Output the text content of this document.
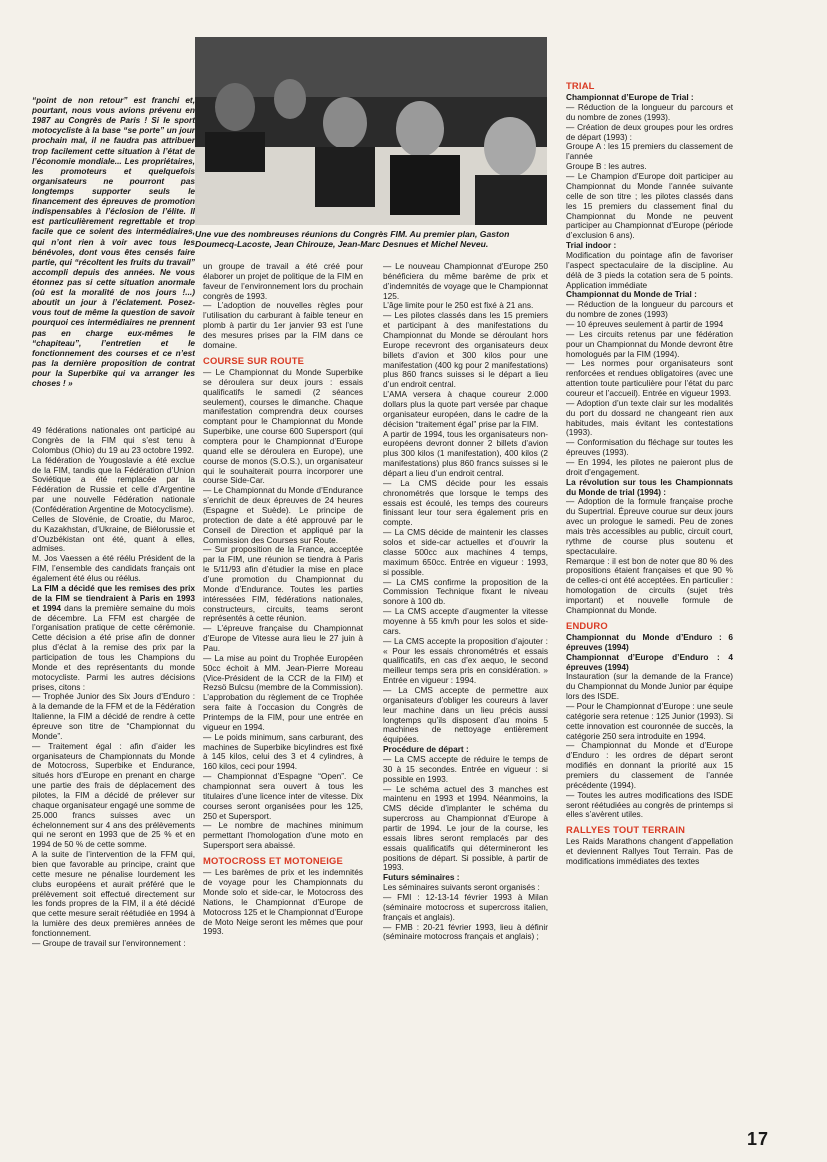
Une vue des nombreuses réunions du Congrès FIM. Au premier plan, Gaston Doumecq-Lacoste, Jean Chirouze, Jean-Marc Desnues et Michel Neveu.

“point de non retour” est franchi et, pourtant, nous vous avions prévenu en 1987 au Congrès de Paris ! Si le sport motocycliste à la base “se porte” un jour prochain mal, il ne faudra pas attribuer trop facilement cette situation à l’état de l’économie mondiale... Les propriétaires, les promoteurs et quelquefois organisateurs ne pourront pas longtemps supporter seuls le financement des épreuves de promotion indispensables à l’éclosion de l’élite. Il est particulièrement regrettable et trop facile que ce soient des intermédiaires, qui n’ont rien à voir avec tous les bénévoles, dont vous êtes censés faire partie, qui “récoltent les fruits du travail” accompli depuis des années. Ne vous étonnez pas si cette situation anormale (où est la moralité de nos jours !...) aboutit un jour à l’éclatement. Posez-vous tout de même la question de savoir pourquoi ces intermédiaires ne prennent pas en charge eux-mêmes le “chapiteau”, l’entretien et le fonctionnement des courses et ce n’est pas la dernière proposition de contrat pour la Superbike qui va arranger les choses ! »

49 fédérations nationales ont participé au Congrès de la FIM qui s’est tenu à Colombus (Ohio) du 19 au 23 octobre 1992.

La fédération de Yougoslavie a été exclue de la FIM, tandis que la Fédération d’Union Soviétique a été remplacée par la Fédération de Russie et celle d’Argentine par une nouvelle Fédération nationale (Confédération Argentine de Motocyclisme).

Celles de Slovénie, de Croatie, du Maroc, du Kazakhstan, d’Ukraine, de Biélorussie et d’Ouzbékistan ont été, quant à elles, admises.

M. Jos Vaessen a été réélu Président de la FIM, l’ensemble des candidats français ont également été élus ou réélus.

La FIM a décidé que les remises des prix de la FIM se tiendraient à Paris en 1993 et 1994 dans la première semaine du mois de décembre. La FFM est chargée de l’organisation pratique de cette cérémonie. Cette décision a été prise afin de donner plus d’éclat à la remise des prix par la participation de tous les Champions du Monde et des représentants du monde motocycliste. Parmi les autres décisions prises, citons :

— Trophée Junior des Six Jours d’Enduro : à la demande de la FFM et de la Fédération Italienne, la FIM a décidé de rendre à cette épreuve son titre de “Championnat du Monde”.

— Traitement égal : afin d’aider les organisateurs de Championnats du Monde de Motocross, Superbike et Endurance, situés hors d’Europe en prenant en charge une partie des frais de déplacement des pilotes, la FIM a décidé de prélever sur chaque organisateur engagé une somme de 25.000 francs suisses avec un échelonnement sur 4 ans des prélèvements qui ne seront en 1993 que de 25 % et en 1994 de 50 % de cette somme.

A la suite de l’intervention de la FFM qui, bien que favorable au principe, craint que cette mesure ne pénalise lourdement les clubs européens et aurait préféré que le prélèvement soit effectué directement sur les fonds propres de la FIM, il a été décidé que cette mesure serait réétudiée en 1994 à la lumière des deux premières années de fonctionnement.

— Groupe de travail sur l’environnement :

un groupe de travail a été créé pour élaborer un projet de politique de la FIM en faveur de l’environnement lors du prochain congrès de 1993.

— L’adoption de nouvelles règles pour l’utilisation du carburant à faible teneur en plomb à partir du 1er janvier 93 est l’une des mesures prises par la FIM dans ce domaine.

COURSE SUR ROUTE

— Le Championnat du Monde Superbike se déroulera sur deux jours : essais qualificatifs le samedi (2 séances seulement), courses le dimanche. Chaque manifestation comprendra deux courses comptant pour le Championnat du Monde Superbike, une course 600 Supersport (qui comptera pour le Championnat d’Europe quand elle se déroulera en Europe), une course de monos (S.O.S.), un organisateur qui le souhaiterait pourra incorporer une course Side-Car.

— Le Championnat du Monde d’Endurance s’enrichit de deux épreuves de 24 heures (Espagne et Suède). Le principe de protection de date a été approuvé par le Conseil de Direction et appliqué par la Commission des Courses sur Route.

— Sur proposition de la France, acceptée par la FIM, une réunion se tiendra à Paris le 5/11/93 afin d’étudier la mise en place d’une promotion du Championnat du Monde d’Endurance. Toutes les parties intéressées FIM, fédérations nationales, constructeurs, circuits, teams seront représentés à cette réunion.

— L’épreuve française du Championnat d’Europe de Vitesse aura lieu le 27 juin à Pau.

— La mise au point du Trophée Européen 50cc échoit à MM. Jean-Pierre Moreau (Vice-Président de la CCR de la FIM) et Rezsö Bulcsu (membre de la Commission). L’approbation du règlement de ce Trophée sera faite à l’occasion du Congrès de Printemps de la FIM, pour une entrée en vigueur en 1994.

— Le poids minimum, sans carburant, des machines de Superbike bicylindres est fixé à 145 kilos, celui des 3 et 4 cylindres, à 160 kilos, ceci pour 1994.

— Championnat d’Espagne “Open”. Ce championnat sera ouvert à tous les titulaires d’une licence inter de vitesse. Dix courses seront organisées pour les 125, 250 et Supersport.

— Le nombre de machines minimum permettant l’homologation d’une moto en Supersport sera abaissé.

MOTOCROSS ET MOTONEIGE

— Les barèmes de prix et les indemnités de voyage pour les Championnats du Monde solo et side-car, le Motocross des Nations, le Championnat d’Europe de Motocross 125 et le Championnat d’Europe de Moto Neige seront les mêmes que pour 1993.

— Le nouveau Championnat d’Europe 250 bénéficiera du même barème de prix et d’indemnités de voyage que le Championnat 125.

L’âge limite pour le 250 est fixé à 21 ans.

— Les pilotes classés dans les 15 premiers et participant à des manifestations du Championnat du Monde se déroulant hors Europe recevront des organisateurs deux billets d’avion et 300 kilos pour une manifestation (400 kg pour 2 manifestations) plus 860 francs suisses si le départ a lieu d’un endroit central.

L’AMA versera à chaque coureur 2.000 dollars plus la quote part versée par chaque organisateur européen, dans le cadre de la décision “traitement égal” prise par la FIM.

A partir de 1994, tous les organisateurs non-européens devront donner 2 billets d’avion plus 300 kilos (1 manifestation), 400 kilos (2 manifestations) plus 860 francs suisses si le départ a lieu d’un endroit central.

— La CMS décide pour les essais chronométrés que lorsque le temps des essais est écoulé, les temps des coureurs finissant leur tour sera également pris en compte.

— La CMS décide de maintenir les classes solos et side-car actuelles et d’ouvrir la classe 500cc aux machines 4 temps, maximum 650cc. Entrée en vigueur : 1993, si possible.

— La CMS confirme la proposition de la Commission Technique fixant le niveau sonore à 100 db.

— La CMS accepte d’augmenter la vitesse moyenne à 55 km/h pour les solos et side-cars.

— La CMS accepte la proposition d’ajouter : « Pour les essais chronométrés et essais qualificatifs, en cas d’ex aequo, le second meilleur temps sera pris en considération. » Entrée en vigueur : 1994.

— La CMS accepte de permettre aux organisateurs d’obliger les coureurs à laver leur machine dans un lieu précis aussi longtemps qu’ils disposent d’au moins 5 machines de nettoyage entièrement équipées.

Procédure de départ :

— La CMS accepte de réduire le temps de 30 à 15 secondes. Entrée en vigueur : si possible en 1993.

— Le schéma actuel des 3 manches est maintenu en 1993 et 1994. Néanmoins, la CMS décide d’implanter le schéma du supercross au Championnat d’Europe à partir de 1994. Le jour de la course, les essais libres seront remplacés par des essais qualificatifs qui détermineront les positions de départ. Si possible, à partir de 1993.

Futurs séminaires :

Les séminaires suivants seront organisés :

— FMI : 12-13-14 février 1993 à Milan (séminaire motocross et supercross italien, français et anglais).

— FMB : 20-21 février 1993, lieu à définir (séminaire motocross français et anglais) ;

TRIAL

Championnat d’Europe de Trial :

— Réduction de la longueur du parcours et du nombre de zones (1993).

— Création de deux groupes pour les ordres de départ (1993) :

Groupe A : les 15 premiers du classement de l’année

Groupe B : les autres.

— Le Champion d’Europe doit participer au Championnat du Monde l’année suivante celle de son titre ; les pilotes classés dans les 15 premiers du classement final du Championnat du Monde ne peuvent participer au Championnat d’Europe (période d’exclusion 6 ans).

Trial indoor :

Modification du pointage afin de favoriser l’aspect spectaculaire de la discipline. Au délà de 3 pieds la cotation sera de 5 points. Application immédiate

Championnat du Monde de Trial :

— Réduction de la longueur du parcours et du nombre de zones (1993)

— 10 épreuves seulement à partir de 1994

— Les circuits retenus par une fédération pour un Championnat du Monde devront être homologués par la FIM (1994).

— Les normes pour organisateurs sont renforcées et rendues obligatoires (avec une attention toute particulière pour l’état du parc coureur et l’accueil). Entrée en vigueur 1993.

— Adoption d’un texte clair sur les modalités du port du dossard ne changeant rien aux habitudes, mais évitant les contestations (1993).

— Conformisation du fléchage sur toutes les épreuves (1993).

— En 1994, les pilotes ne paieront plus de droit d’engagement.

La révolution sur tous les Championnats du Monde de trial (1994) :

— Adoption de la formule française proche du Supertrial. Épreuve courue sur deux jours avec un prologue le samedi. Peu de zones mais très accessibles au public, circuit court, rythme de course plus soutenu et spectaculaire.

Remarque : il est bon de noter que 80 % des propositions étaient françaises et que 90 % de celles-ci ont été acceptées. En particulier : homologation de circuits (sujet très important) et nouvelle formule de Championnat du Monde.

ENDURO

Championnat du Monde d’Enduro : 6 épreuves (1994)

Championnat d’Europe d’Enduro : 4 épreuves (1994)

Instauration (sur la demande de la France) du Championnat du Monde Junior par équipe lors des ISDE.

— Pour le Championnat d’Europe : une seule catégorie sera retenue : 125 Junior (1993). Si cette innovation est couronnée de succès, la catégorie 250 sera introduite en 1994.

— Championnat du Monde et d’Europe d’Enduro : les ordres de départ seront modifiés en donnant la priorité aux 15 premiers du classement de l’année précédente (1994).

— Toutes les autres modifications des ISDE seront réétudiées au congrès de printemps si elles s’avèrent utiles.

RALLYES TOUT TERRAIN

Les Raids Marathons changent d’appellation et deviennent Rallyes Tout Terrain. Pas de modifications immédiates des textes

17
